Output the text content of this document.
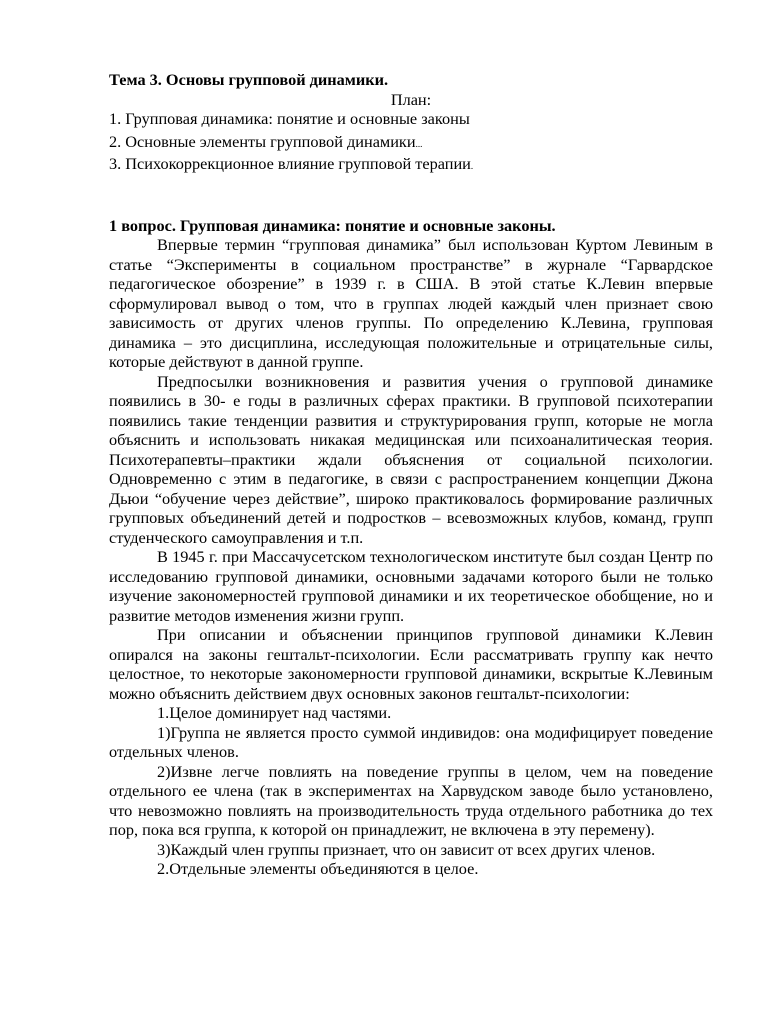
Тема 3. Основы групповой динамики.
План:
1. Групповая динамика: понятие и основные законы
2. Основные элементы групповой динамики...
3. Психокоррекционное влияние групповой терапии.
1 вопрос. Групповая динамика: понятие и основные законы.

Впервые термин “групповая динамика” был использован Куртом Левиным в статье “Эксперименты в социальном пространстве” в журнале “Гарвардское педагогическое обозрение” в 1939 г. в США. В этой статье К.Левин впервые сформулировал вывод о том, что в группах людей каждый член признает свою зависимость от других членов группы. По определению К.Левина, групповая динамика – это дисциплина, исследующая положительные и отрицательные силы, которые действуют в данной группе.

Предпосылки возникновения и развития учения о групповой динамике появились в 30- е годы в различных сферах практики. В групповой психотерапии появились такие тенденции развития и структурирования групп, которые не могла объяснить и использовать никакая медицинская или психоаналитическая теория. Психотерапевты–практики ждали объяснения от социальной психологии. Одновременно с этим в педагогике, в связи с распространением концепции Джона Дьюи “обучение через действие”, широко практиковалось формирование различных групповых объединений детей и подростков – всевозможных клубов, команд, групп студенческого самоуправления и т.п.

В 1945 г. при Массачусетском технологическом институте был создан Центр по исследованию групповой динамики, основными задачами которого были не только изучение закономерностей групповой динамики и их теоретическое обобщение, но и развитие методов изменения жизни групп.

При описании и объяснении принципов групповой динамики К.Левин опирался на законы гештальт-психологии. Если рассматривать группу как нечто целостное, то некоторые закономерности групповой динамики, вскрытые К.Левиным можно объяснить действием двух основных законов гештальт-психологии:

1.Целое доминирует над частями.

1)Группа не является просто суммой индивидов: она модифицирует поведение отдельных членов.

2)Извне легче повлиять на поведение группы в целом, чем на поведение отдельного ее члена (так в экспериментах на Харвудском заводе было установлено, что невозможно повлиять на производительность труда отдельного работника до тех пор, пока вся группа, к которой он принадлежит, не включена в эту перемену).

3)Каждый член группы признает, что он зависит от всех других членов.

2.Отдельные элементы объединяются в целое.
